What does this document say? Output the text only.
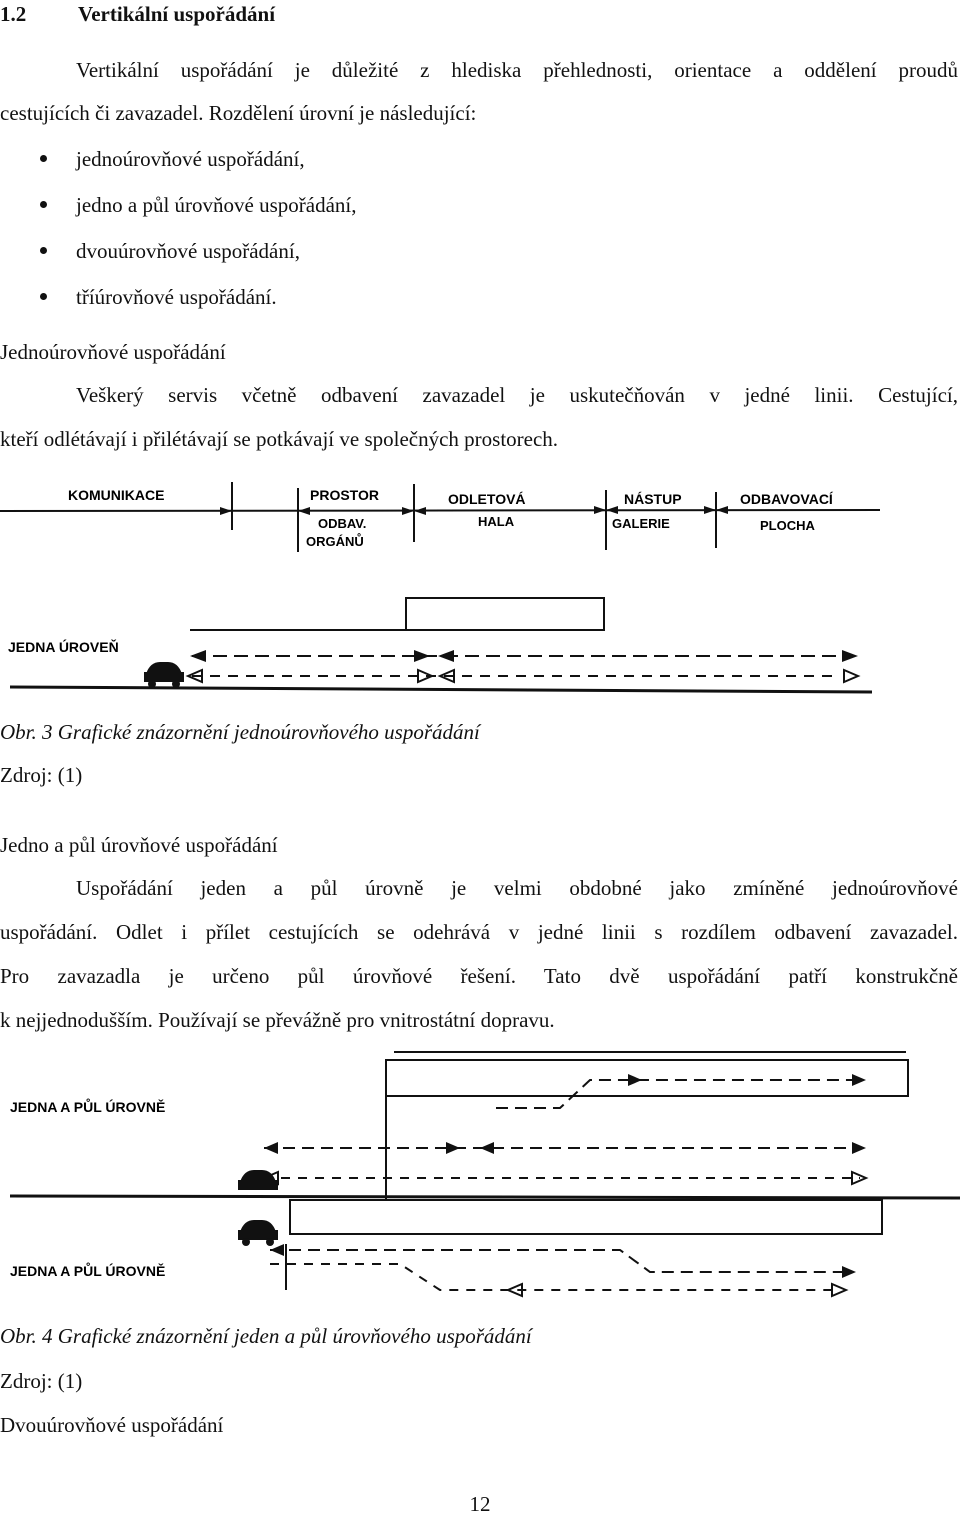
1.2 Vertikální uspořádání
Vertikální uspořádání je důležité z hlediska přehlednosti, orientace a oddělení proudů
cestujících či zavazadel. Rozdělení úrovní je následující:
jednoúrovňové uspořádání,
jedno a půl úrovňové uspořádání,
dvouúrovňové uspořádání,
tříúrovňové uspořádání.
Jednoúrovňové uspořádání
Veškerý servis včetně odbavení zavazadel je uskutečňován v jedné linii. Cestující,
kteří odlétávají i přilétávají se potkávají ve společných prostorech.
KOMUNIKACE	PROSTOR
ODBAV.
ORGÁNŮ
ODLETOVÁ
HALA
NÁSTUP
GALERIE
ODBAVOVACÍ
PLOCHA
JEDNA ÚROVEŇ
Obr. 3 Grafické znázornění jednoúrovňového uspořádání
Zdroj: (1)
Jedno a půl úrovňové uspořádání
Uspořádání jeden a půl úrovně je velmi obdobné jako zmíněné jednoúrovňové
uspořádání. Odlet i přílet cestujících se odehrává v jedné linii s rozdílem odbavení zavazadel.
Pro zavazadla je určeno půl úrovňové řešení. Tato dvě uspořádání patří konstrukčně
k nejjednodušším. Používají se převážně pro vnitrostátní dopravu.
JEDNA A PŮL ÚROVNĚ
JEDNA A PŮL ÚROVNĚ
Obr. 4 Grafické znázornění jeden a půl úrovňového uspořádání
Zdroj: (1)
Dvouúrovňové uspořádání
12
